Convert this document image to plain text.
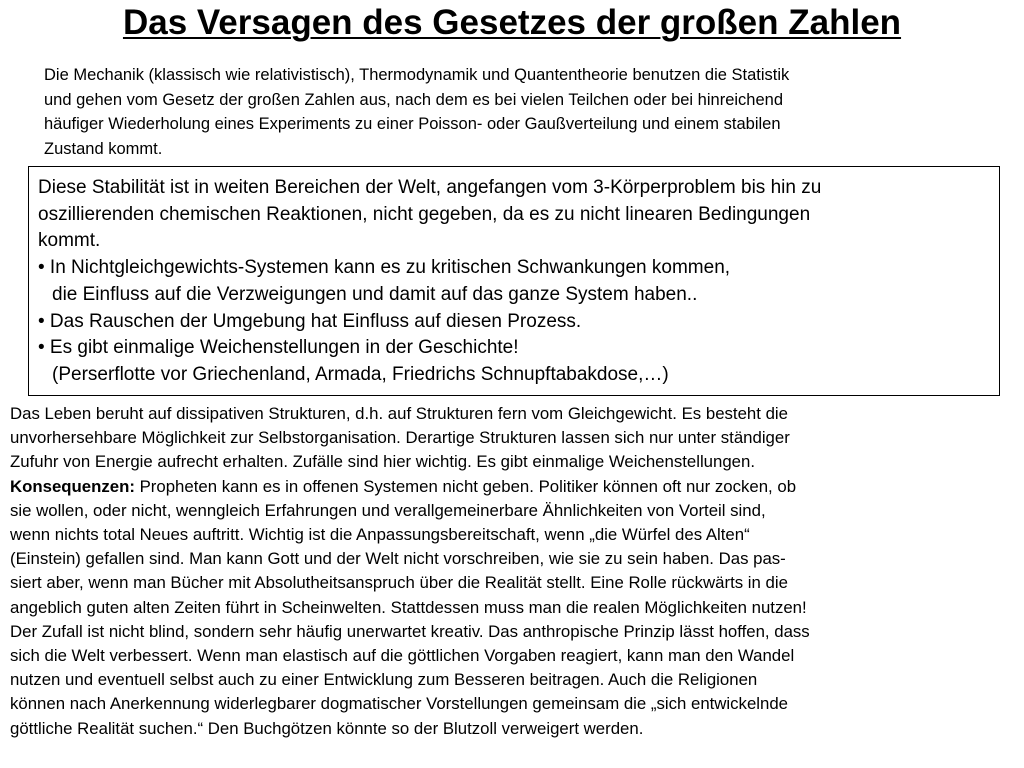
Das Versagen des Gesetzes der großen Zahlen
Die Mechanik (klassisch wie relativistisch), Thermodynamik und Quantentheorie benutzen die Statistik
und gehen vom Gesetz der großen Zahlen aus, nach dem es bei vielen Teilchen oder bei hinreichend
häufiger Wiederholung eines Experiments zu einer Poisson- oder Gaußverteilung und einem stabilen
Zustand kommt.
Diese Stabilität ist in weiten Bereichen der Welt, angefangen vom 3-Körperproblem bis hin zu
oszillierenden chemischen Reaktionen, nicht gegeben, da es zu nicht linearen Bedingungen
kommt.
• In Nichtgleichgewichts-Systemen kann es zu kritischen Schwankungen kommen,
die Einfluss auf die Verzweigungen und damit auf das ganze System haben..
• Das Rauschen der Umgebung hat Einfluss auf diesen Prozess.
• Es gibt einmalige Weichenstellungen in der Geschichte!
(Perserflotte vor Griechenland, Armada, Friedrichs Schnupftabakdose,…)
Das Leben beruht auf dissipativen Strukturen, d.h. auf Strukturen fern vom Gleichgewicht. Es besteht die
unvorhersehbare Möglichkeit zur Selbstorganisation. Derartige Strukturen lassen sich nur unter ständiger
Zufuhr von Energie aufrecht erhalten. Zufälle sind hier wichtig. Es gibt einmalige Weichenstellungen.
Konsequenzen: Propheten kann es in offenen Systemen nicht geben. Politiker können oft nur zocken, ob
sie wollen, oder nicht, wenngleich Erfahrungen und verallgemeinerbare Ähnlichkeiten von Vorteil sind,
wenn nichts total Neues auftritt. Wichtig ist die Anpassungsbereitschaft, wenn „die Würfel des Alten“
(Einstein) gefallen sind. Man kann Gott und der Welt nicht vorschreiben, wie sie zu sein haben. Das pas-
siert aber, wenn man Bücher mit Absolutheitsanspruch über die Realität stellt. Eine Rolle rückwärts in die
angeblich guten alten Zeiten führt in Scheinwelten. Stattdessen muss man die realen Möglichkeiten nutzen!
Der Zufall ist nicht blind, sondern sehr häufig unerwartet kreativ. Das anthropische Prinzip lässt hoffen, dass
sich die Welt verbessert. Wenn man elastisch auf die göttlichen Vorgaben reagiert, kann man den Wandel
nutzen und eventuell selbst auch zu einer Entwicklung zum Besseren beitragen. Auch die Religionen
können nach Anerkennung widerlegbarer dogmatischer Vorstellungen gemeinsam die „sich entwickelnde
göttliche Realität suchen.“ Den Buchgötzen könnte so der Blutzoll verweigert werden.
